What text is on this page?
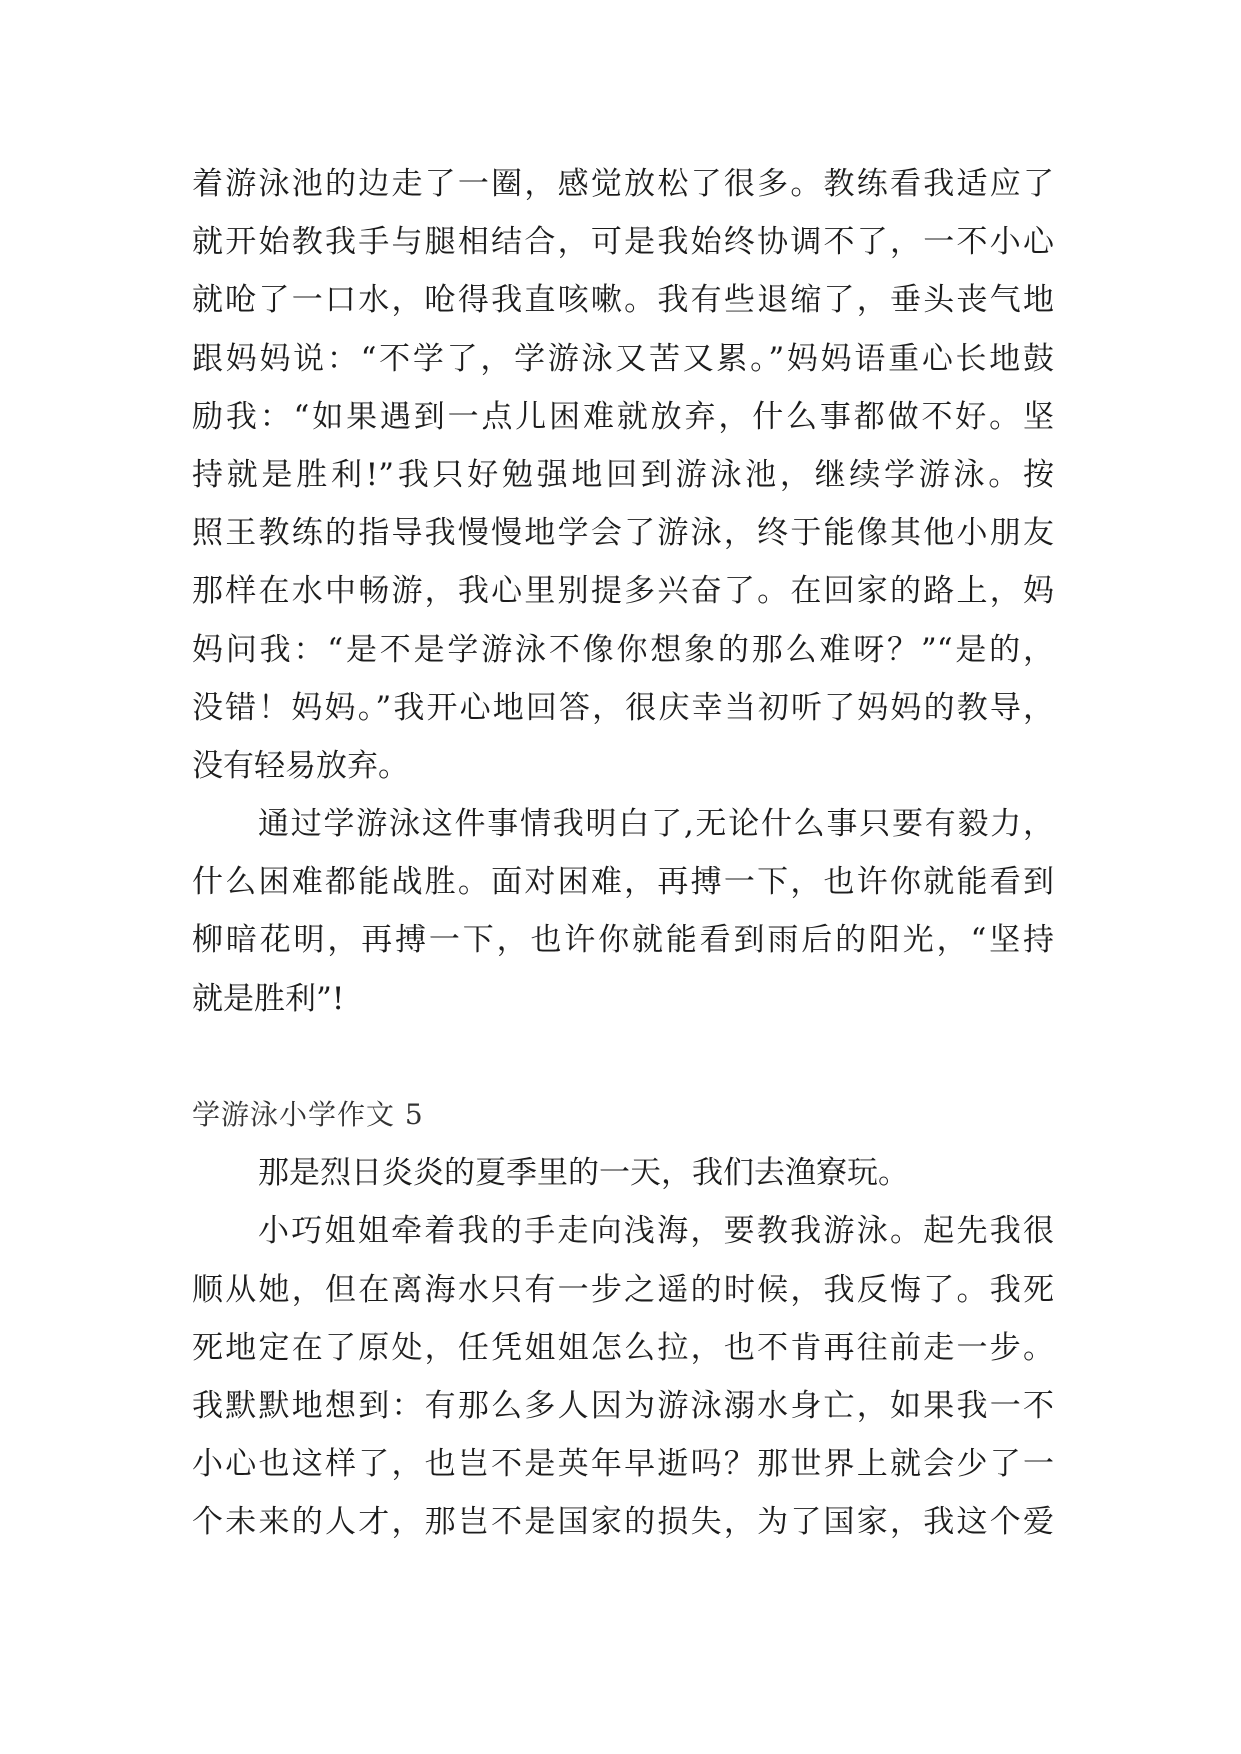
着游泳池的边走了一圈，感觉放松了很多。教练看我适应了
就开始教我手与腿相结合，可是我始终协调不了，一不小心
就呛了一口水，呛得我直咳嗽。我有些退缩了，垂头丧气地
跟妈妈说：“不学了，学游泳又苦又累。”妈妈语重心长地鼓
励我：“如果遇到一点儿困难就放弃，什么事都做不好。坚
持就是胜利!”我只好勉强地回到游泳池，继续学游泳。按
照王教练的指导我慢慢地学会了游泳，终于能像其他小朋友
那样在水中畅游，我心里别提多兴奋了。在回家的路上，妈
妈问我：“是不是学游泳不像你想象的那么难呀？”“是的，
没错！妈妈。”我开心地回答，很庆幸当初听了妈妈的教导，
没有轻易放弃。
通过学游泳这件事情我明白了,无论什么事只要有毅力，
什么困难都能战胜。面对困难，再搏一下，也许你就能看到
柳暗花明，再搏一下，也许你就能看到雨后的阳光，“坚持
就是胜利”!
学游泳小学作文 5
那是烈日炎炎的夏季里的一天，我们去渔寮玩。
小巧姐姐牵着我的手走向浅海，要教我游泳。起先我很
顺从她，但在离海水只有一步之遥的时候，我反悔了。我死
死地定在了原处，任凭姐姐怎么拉，也不肯再往前走一步。
我默默地想到：有那么多人因为游泳溺水身亡，如果我一不
小心也这样了，也岂不是英年早逝吗？那世界上就会少了一
个未来的人才，那岂不是国家的损失，为了国家，我这个爱
